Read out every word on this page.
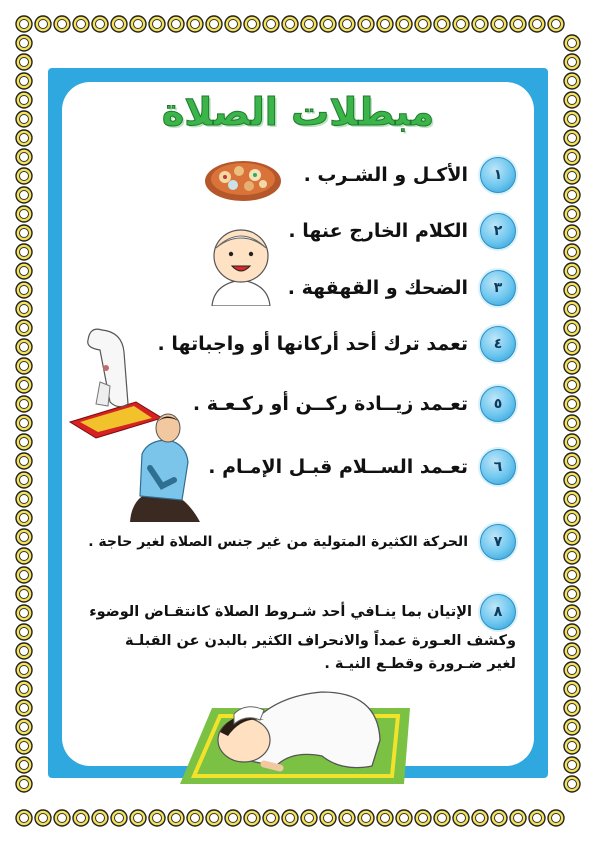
مبطلات الصلاة
١
الأكـل و الشـرب .
٢
الكلام الخارج عنها .
٣
الضحك و القهقهة .
٤
تعمد ترك أحد أركانها أو واجباتها .
٥
تعـمد زيــادة ركــن أو ركـعـة .
٦
تعـمد الســلام قبـل الإمـام .
٧
الحركة الكثيرة المتولية من غير جنس الصلاة لغير حاجة .

٨الإتيان بما ينـافي أحد شـروط الصلاة كانتقـاض الوضوء

وكشف العـورة عمداً والانحراف الكثير بالبدن عن القبلـة

لغير ضـرورة وقطـع النيـة .
